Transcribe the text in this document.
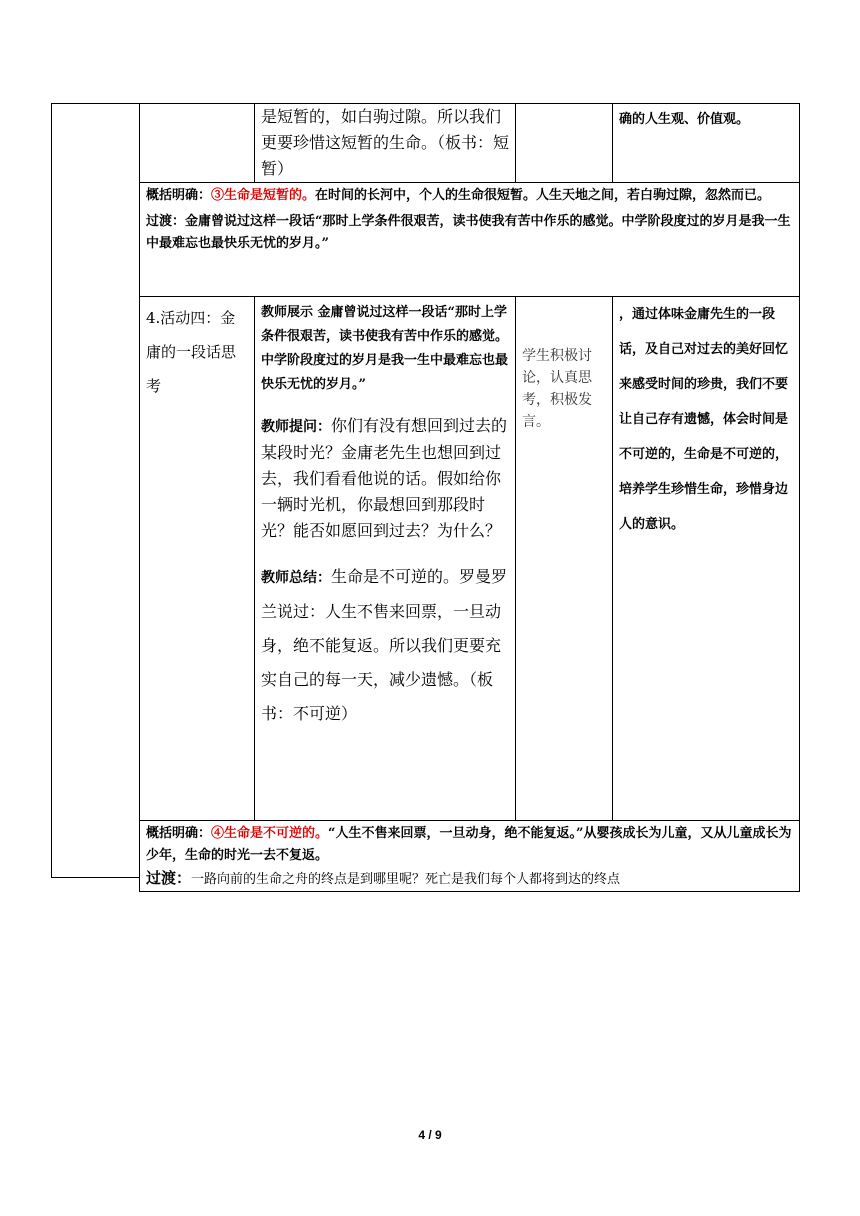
	是短暂的，如白驹过隙。所以我们更要珍惜这短暂的生命。（板书：短暂）		确的人生观、价值观。

概括明确：③生命是短暂的。在时间的长河中，个人的生命很短暂。人生天地之间，若白驹过隙，忽然而已。

过渡：金庸曾说过这样一段话“那时上学条件很艰苦，读书使我有苦中作乐的感觉。中学阶段度过的岁月是我一生中最难忘也最快乐无忧的岁月。”			

4.活动四：金庸的一段话思考	教师展示 金庸曾说过这样一段话“那时上学条件很艰苦，读书使我有苦中作乐的感觉。中学阶段度过的岁月是我一生中最难忘也最快乐无忧的岁月。”
教师提问：你们有没有想回到过去的某段时光？金庸老先生也想回到过去，我们看看他说的话。假如给你一辆时光机，你最想回到那段时光？能否如愿回到过去？为什么？
教师总结：生命是不可逆的。罗曼罗兰说过：人生不售来回票，一旦动身，绝不能复返。所以我们更要充实自己的每一天，减少遗憾。（板书：不可逆）	学生积极讨论，认真思考，积极发言。	，通过体味金庸先生的一段话，及自己对过去的美好回忆来感受时间的珍贵，我们不要让自己存有遗憾，体会时间是不可逆的，生命是不可逆的，培养学生珍惜生命，珍惜身边人的意识。

概括明确：④生命是不可逆的。“人生不售来回票，一旦动身，绝不能复返。”从婴孩成长为儿童，又从儿童成长为少年，生命的时光一去不复返。

过渡：一路向前的生命之舟的终点是到哪里呢？死亡是我们每个人都将到达的终点			

4 / 9
